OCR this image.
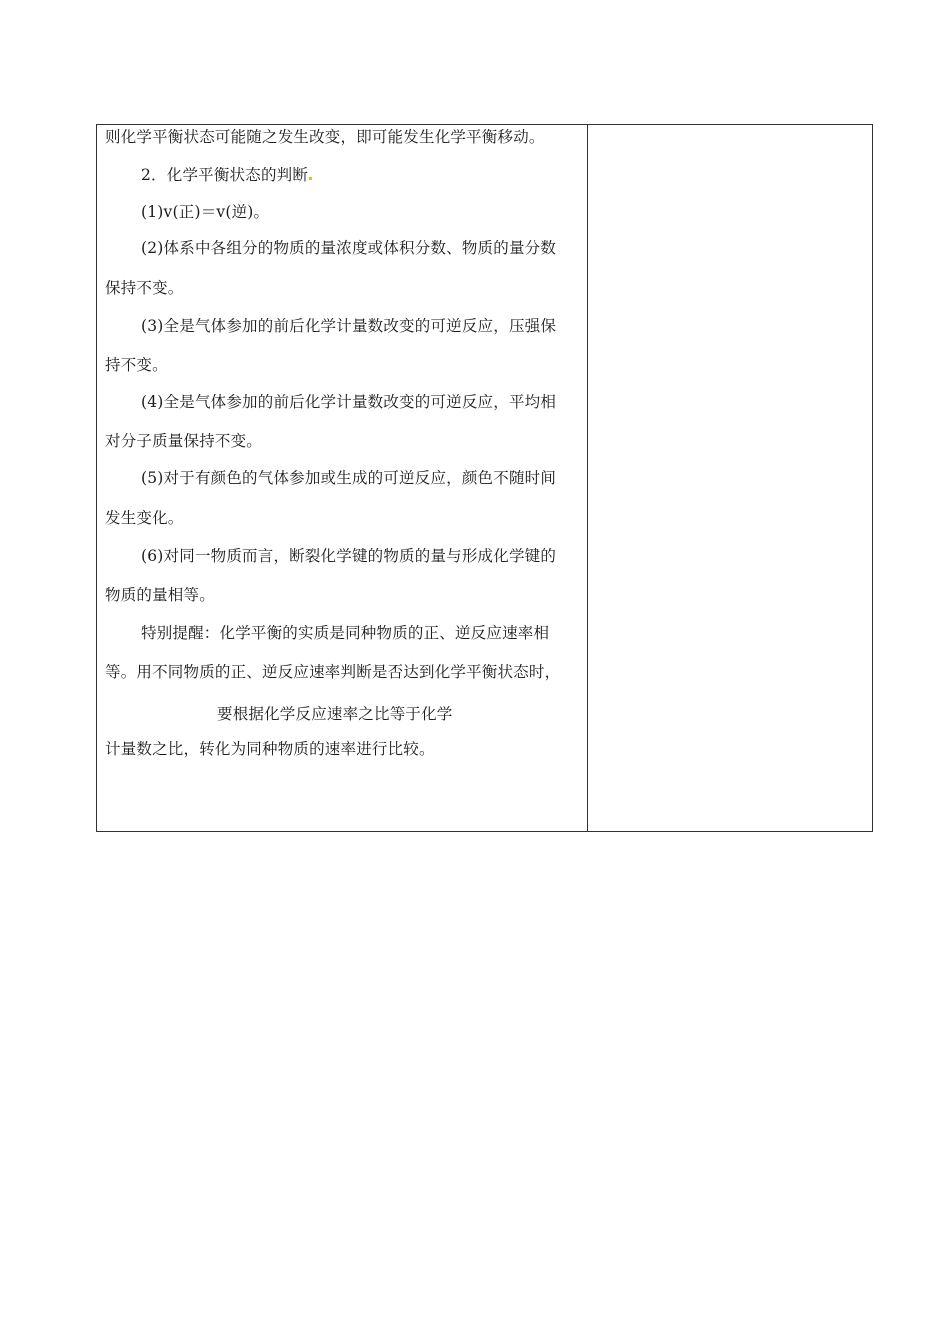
则化学平衡状态可能随之发生改变，即可能发生化学平衡移动。
2．化学平衡状态的判断
(1)v(正)＝v(逆)。
(2)体系中各组分的物质的量浓度或体积分数、物质的量分数
保持不变。
(3)全是气体参加的前后化学计量数改变的可逆反应，压强保
持不变。
(4)全是气体参加的前后化学计量数改变的可逆反应，平均相
对分子质量保持不变。
(5)对于有颜色的气体参加或生成的可逆反应，颜色不随时间
发生变化。
(6)对同一物质而言，断裂化学键的物质的量与形成化学键的
物质的量相等。
特别提醒：化学平衡的实质是同种物质的正、逆反应速率相
等。用不同物质的正、逆反应速率判断是否达到化学平衡状态时，
要根据化学反应速率之比等于化学
计量数之比，转化为同种物质的速率进行比较。
